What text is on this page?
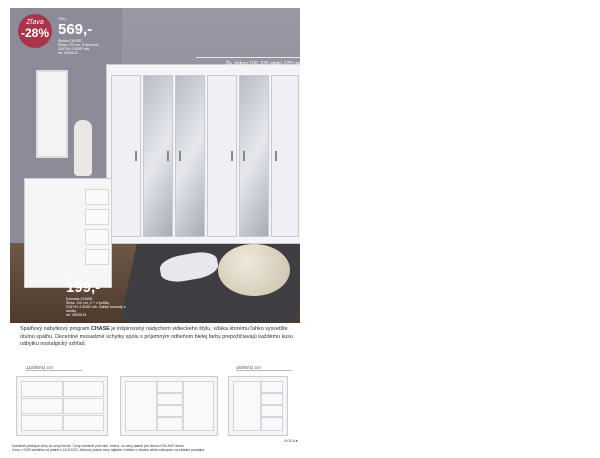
Zľava
-28%
799,-
569,-
Skriňa CHASE
Šírka: 270 cm, 6 dverové,
315704 4 52AR mb.
ref. 0000012
Ďv. šírkou 100, 225 alebo 270 cm
279,-
199,-
Komoda CHASE
Šírka: 110 cm, 2 + 4 šuflíky
315704 4 52AR mb. Ďalšie komody a stolíky
ref. 0000013
Spálňový nábytkový program CHASE je inšpirovaný nádychom vidieckeho štýlu, vďaka ktorému ľahko vysvetlíte útulnú spálňu. Decentné mosadzné úchytky spolu s príjemným odtieňom bielej farby prepožičiavajú každému kusu nábytku nostalgický vzhľad.
110/90/41 cm	45/90/41 cm
KOLA ▸
Uvedené predajné ceny sú ceny bežné. Ceny uvedené pod nimi, bežne, sú ceny platné pre členov KOLAHO klubu.
Ceny v EUR každého od platné k 16.8.2021. Akciové platné ceny nájdete v letáku v obsahu alebo nákupom na stránke predajne.
